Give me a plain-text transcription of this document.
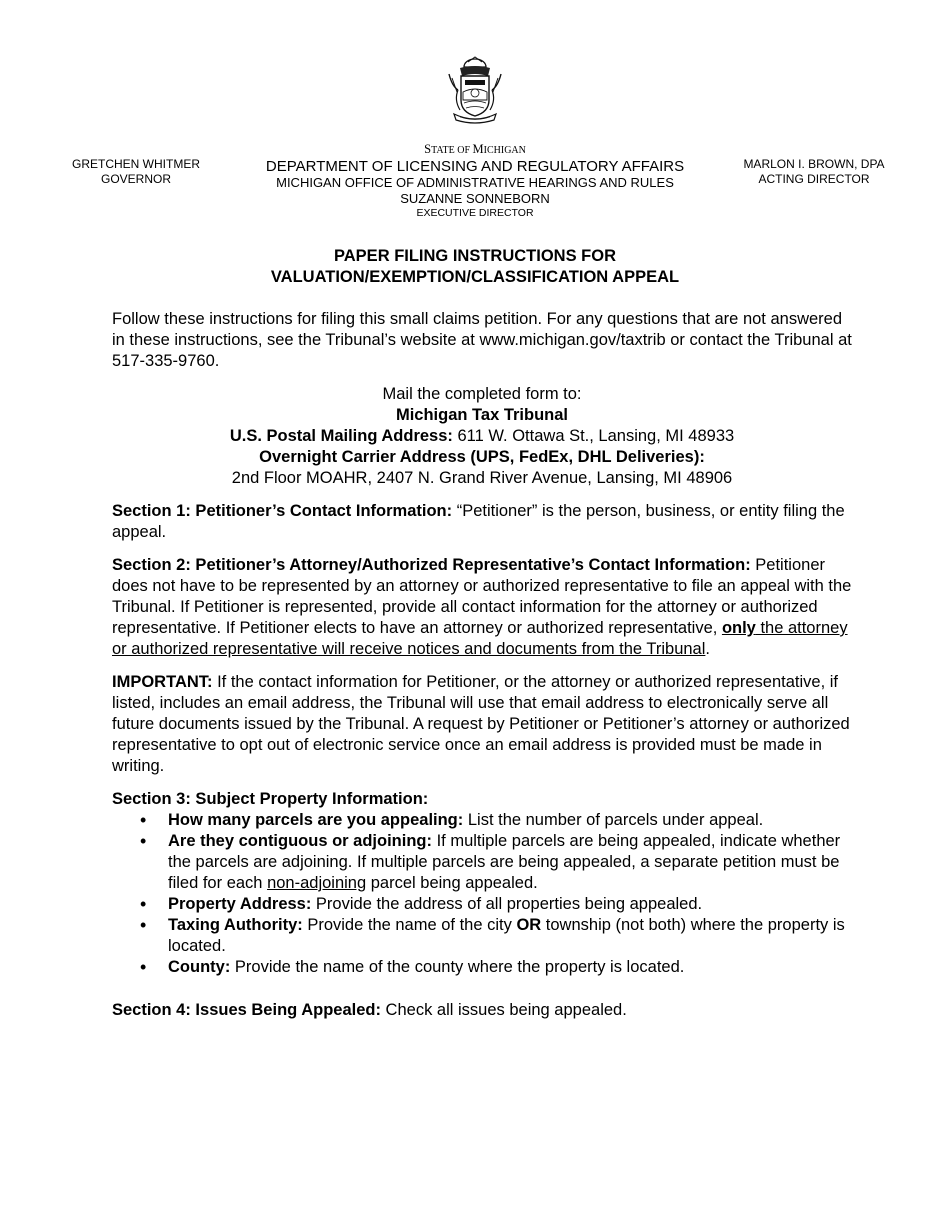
STATE OF MICHIGAN
GRETCHEN WHITMER
GOVERNOR
DEPARTMENT OF LICENSING AND REGULATORY AFFAIRS
MICHIGAN OFFICE OF ADMINISTRATIVE HEARINGS AND RULES
SUZANNE SONNEBORN
EXECUTIVE DIRECTOR
MARLON I. BROWN, DPA
ACTING DIRECTOR
PAPER FILING INSTRUCTIONS FOR
VALUATION/EXEMPTION/CLASSIFICATION APPEAL

Follow these instructions for filing this small claims petition. For any questions that are not answered in these instructions, see the Tribunal’s website at www.michigan.gov/taxtrib or contact the Tribunal at 517-335-9760.

Mail the completed form to:
Michigan Tax Tribunal
U.S. Postal Mailing Address: 611 W. Ottawa St., Lansing, MI 48933
Overnight Carrier Address (UPS, FedEx, DHL Deliveries):
2nd Floor MOAHR, 2407 N. Grand River Avenue, Lansing, MI 48906

Section 1: Petitioner’s Contact Information: “Petitioner” is the person, business, or entity filing the appeal.

Section 2: Petitioner’s Attorney/Authorized Representative’s Contact Information: Petitioner does not have to be represented by an attorney or authorized representative to file an appeal with the Tribunal. If Petitioner is represented, provide all contact information for the attorney or authorized representative. If Petitioner elects to have an attorney or authorized representative, only the attorney or authorized representative will receive notices and documents from the Tribunal.

IMPORTANT: If the contact information for Petitioner, or the attorney or authorized representative, if listed, includes an email address, the Tribunal will use that email address to electronically serve all future documents issued by the Tribunal. A request by Petitioner or Petitioner’s attorney or authorized representative to opt out of electronic service once an email address is provided must be made in writing.

Section 3: Subject Property Information:
• How many parcels are you appealing: List the number of parcels under appeal.
• Are they contiguous or adjoining: If multiple parcels are being appealed, indicate whether the parcels are adjoining. If multiple parcels are being appealed, a separate petition must be filed for each non-adjoining parcel being appealed.
• Property Address: Provide the address of all properties being appealed.
• Taxing Authority: Provide the name of the city OR township (not both) where the property is located.
• County: Provide the name of the county where the property is located.

Section 4: Issues Being Appealed: Check all issues being appealed.
